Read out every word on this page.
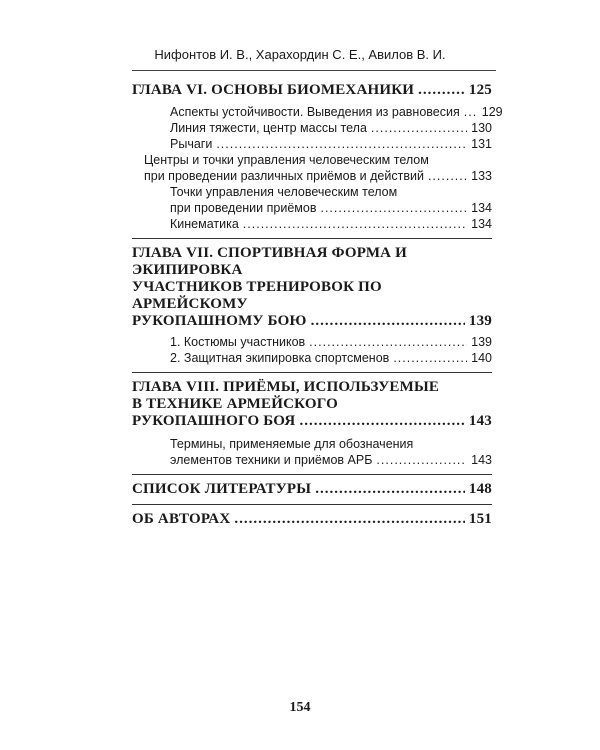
Нифонтов И. В., Харахордин С. Е., Авилов В. И.
ГЛАВА VI. ОСНОВЫ БИОМЕХАНИКИ .....	125
Аспекты устойчивости. Выведения из равновесия ..... 129
Линия тяжести, центр массы тела .....	130
Рычаги .....	131
Центры и точки управления человеческим телом
при проведении различных приёмов и действий .....	133
Точки управления человеческим телом
при проведении приёмов .....	134
Кинематика .....	134
ГЛАВА VII. СПОРТИВНАЯ ФОРМА И ЭКИПИРОВКА
УЧАСТНИКОВ ТРЕНИРОВОК ПО АРМЕЙСКОМУ
РУКОПАШНОМУ БОЮ .....	139
1. Костюмы участников .....	139
2. Защитная экипировка спортсменов .....	140
ГЛАВА VIII. ПРИЁМЫ, ИСПОЛЬЗУЕМЫЕ
В ТЕХНИКЕ АРМЕЙСКОГО
РУКОПАШНОГО БОЯ .....	143
Термины, применяемые для обозначения
элементов техники и приёмов АРБ .....	143
СПИСОК ЛИТЕРАТУРЫ .....	148
ОБ АВТОРАХ .....	151
154
